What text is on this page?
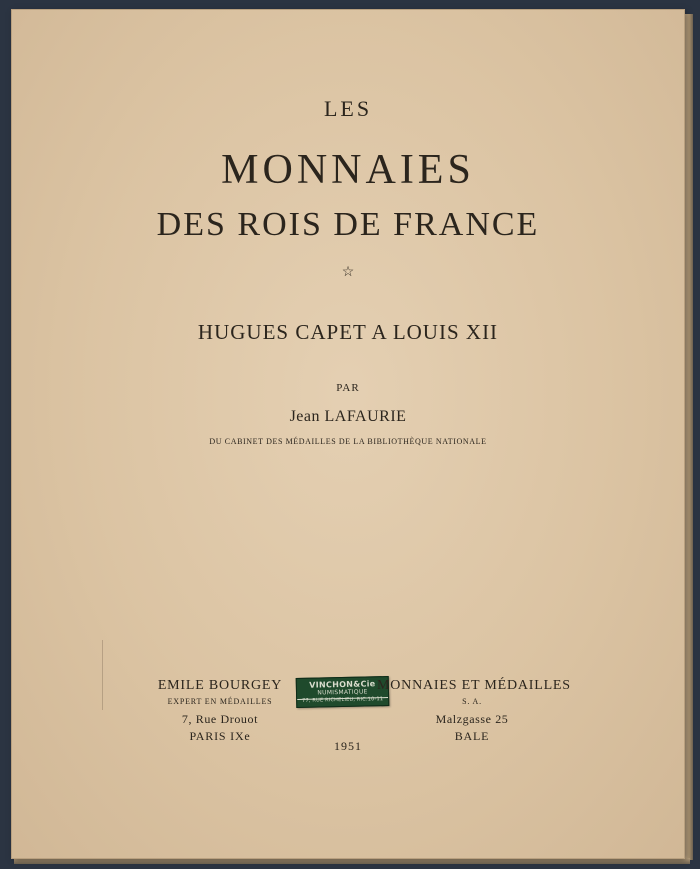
LES
MONNAIES
DES ROIS DE FRANCE
☆
HUGUES CAPET A LOUIS XII
PAR
Jean LAFAURIE
DU CABINET DES MÉDAILLES DE LA BIBLIOTHÈQUE NATIONALE
EMILE BOURGEY
EXPERT EN MÉDAILLES
7, Rue Drouot
PARIS IXe
VINCHON&Cie
NUMISMATIQUE
77, RUE RICHELIEU, RIC.10-11
MONNAIES ET MÉDAILLES
S. A.
Malzgasse 25
BALE
1951
